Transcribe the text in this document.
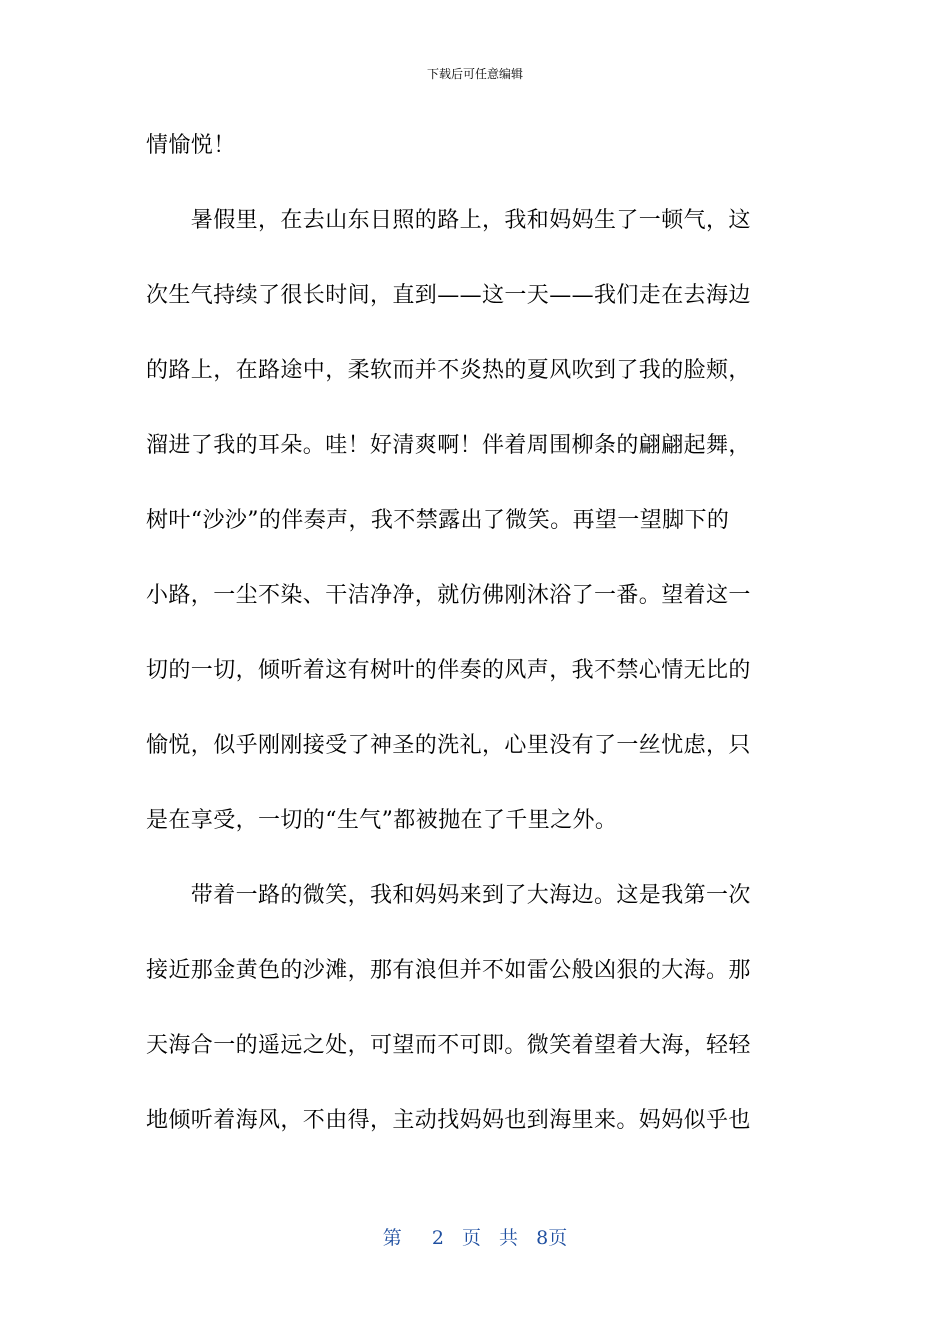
下载后可任意编辑
情愉悦！
　　暑假里，在去山东日照的路上，我和妈妈生了一顿气，这
次生气持续了很长时间，直到——这一天——我们走在去海边
的路上，在路途中，柔软而并不炎热的夏风吹到了我的脸颊，
溜进了我的耳朵。哇！好清爽啊！伴着周围柳条的翩翩起舞，
树叶“沙沙”的伴奏声，我不禁露出了微笑。再望一望脚下的
小路，一尘不染、干洁净净，就仿佛刚沐浴了一番。望着这一
切的一切，倾听着这有树叶的伴奏的风声，我不禁心情无比的
愉悦，似乎刚刚接受了神圣的洗礼，心里没有了一丝忧虑，只
是在享受，一切的“生气”都被抛在了千里之外。
　　带着一路的微笑，我和妈妈来到了大海边。这是我第一次
接近那金黄色的沙滩，那有浪但并不如雷公般凶狠的大海。那
天海合一的遥远之处，可望而不可即。微笑着望着大海，轻轻
地倾听着海风，不由得，主动找妈妈也到海里来。妈妈似乎也
第 2 页 共 8页
